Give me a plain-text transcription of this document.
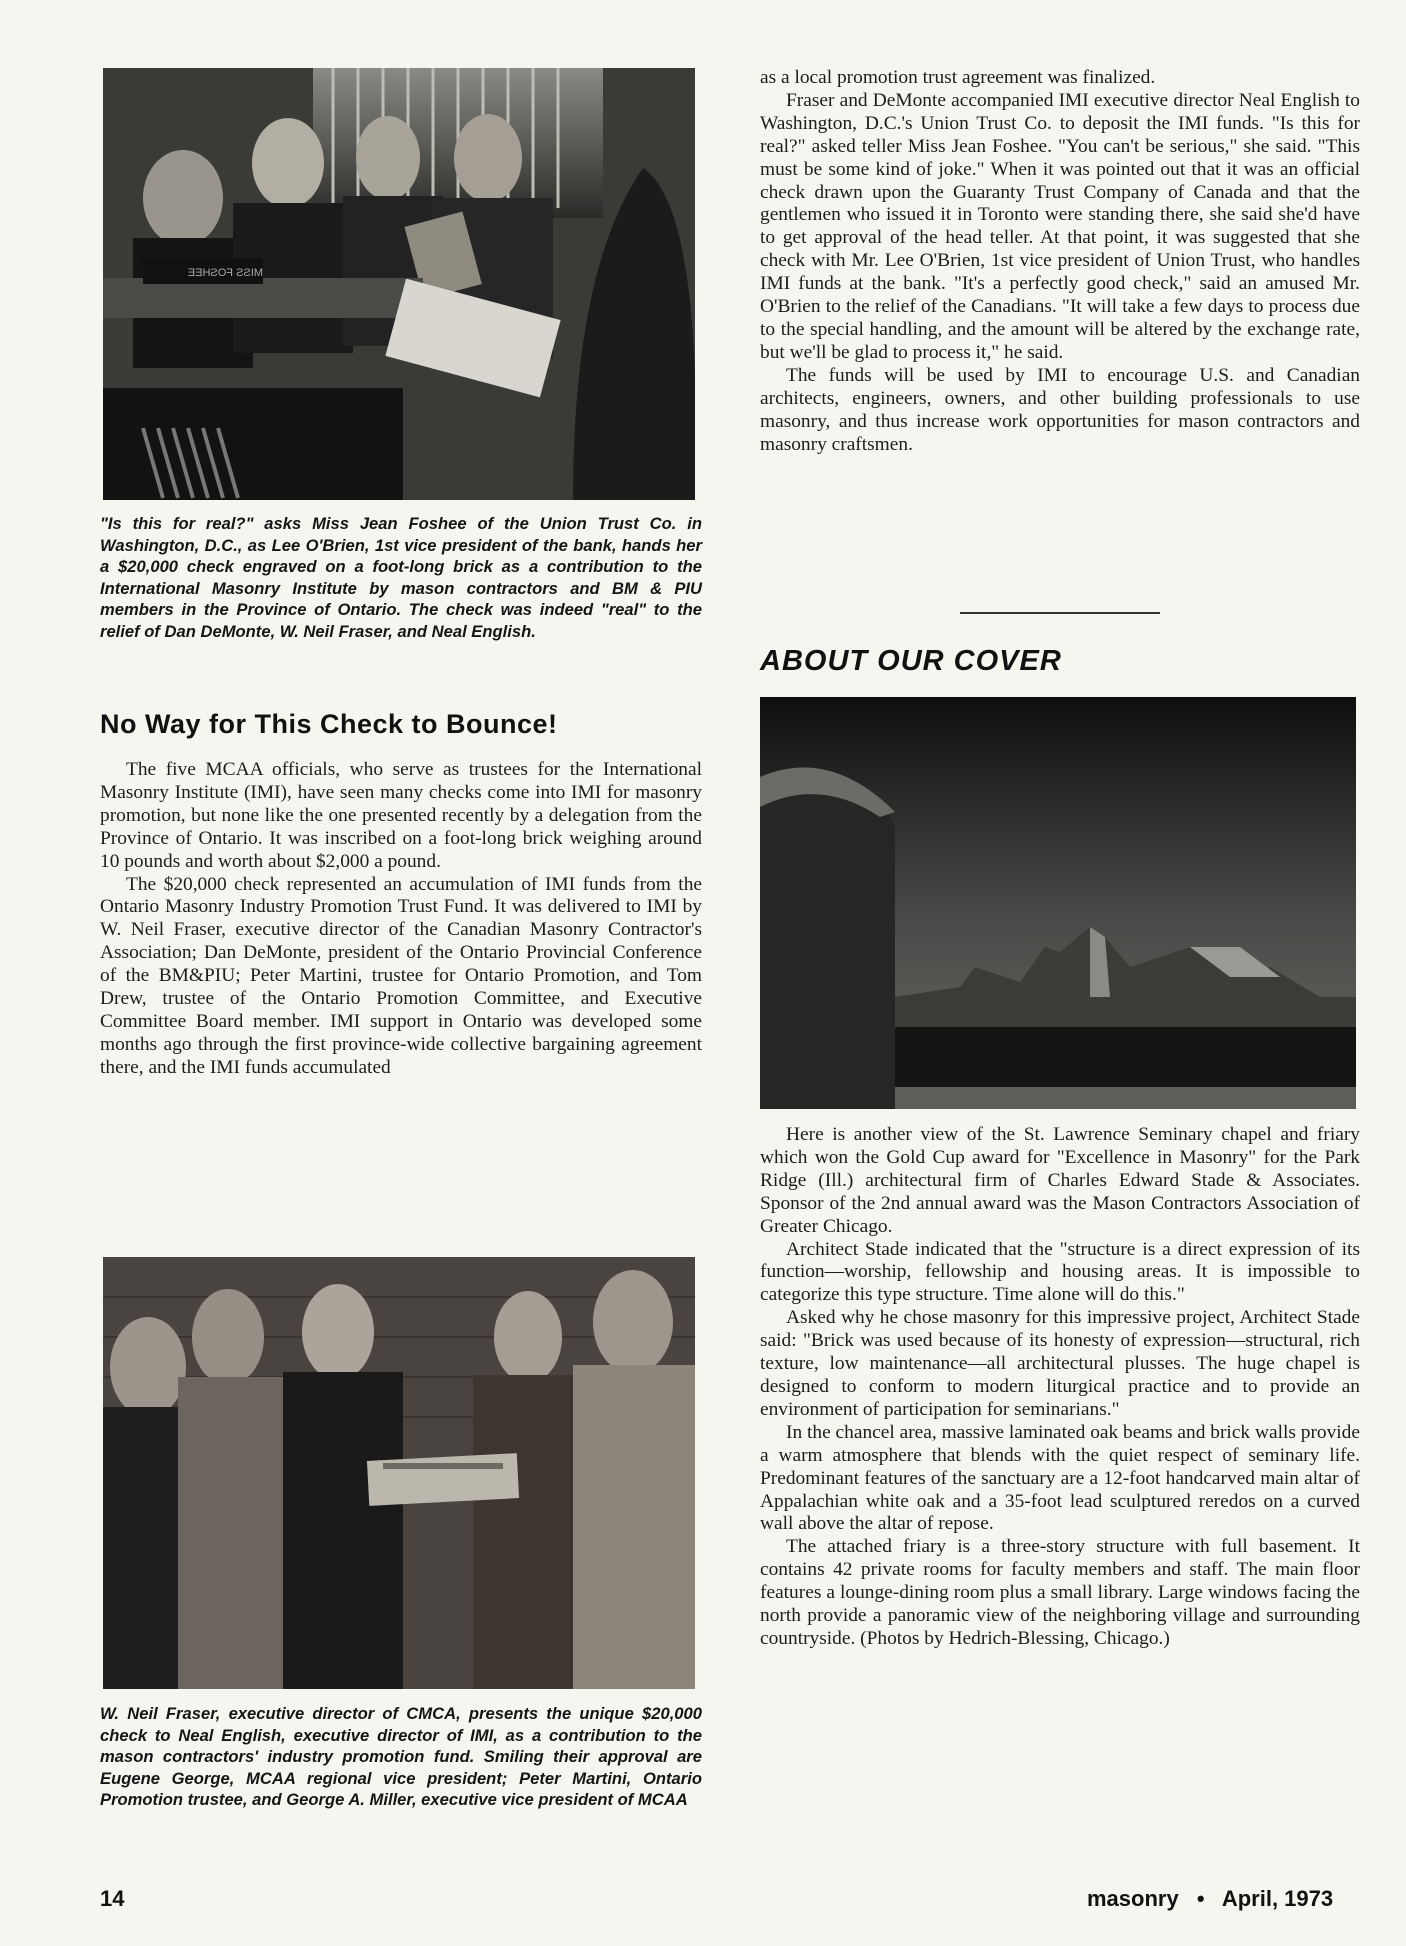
MISS FOSHEE
"Is this for real?" asks Miss Jean Foshee of the Union Trust Co. in Washington, D.C., as Lee O'Brien, 1st vice president of the bank, hands her a $20,000 check engraved on a foot-long brick as a contribution to the International Masonry Institute by mason contractors and BM & PIU members in the Province of Ontario. The check was indeed "real" to the relief of Dan DeMonte, W. Neil Fraser, and Neal English.
No Way for This Check to Bounce!

The five MCAA officials, who serve as trustees for the International Masonry Institute (IMI), have seen many checks come into IMI for masonry promotion, but none like the one presented recently by a delegation from the Province of Ontario. It was inscribed on a foot-long brick weighing around 10 pounds and worth about $2,000 a pound.

The $20,000 check represented an accumulation of IMI funds from the Ontario Masonry Industry Promotion Trust Fund. It was delivered to IMI by W. Neil Fraser, executive director of the Canadian Masonry Contractor's Association; Dan DeMonte, president of the Ontario Provincial Conference of the BM&PIU; Peter Martini, trustee for Ontario Promotion, and Tom Drew, trustee of the Ontario Promotion Committee, and Executive Committee Board member. IMI support in Ontario was developed some months ago through the first province-wide collective bargaining agreement there, and the IMI funds accumulated

W. Neil Fraser, executive director of CMCA, presents the unique $20,000 check to Neal English, executive director of IMI, as a contribution to the mason contractors' industry promotion fund. Smiling their approval are Eugene George, MCAA regional vice president; Peter Martini, Ontario Promotion trustee, and George A. Miller, executive vice president of MCAA

as a local promotion trust agreement was finalized.

Fraser and DeMonte accompanied IMI executive director Neal English to Washington, D.C.'s Union Trust Co. to deposit the IMI funds. "Is this for real?" asked teller Miss Jean Foshee. "You can't be serious," she said. "This must be some kind of joke." When it was pointed out that it was an official check drawn upon the Guaranty Trust Company of Canada and that the gentlemen who issued it in Toronto were standing there, she said she'd have to get approval of the head teller. At that point, it was suggested that she check with Mr. Lee O'Brien, 1st vice president of Union Trust, who handles IMI funds at the bank. "It's a perfectly good check," said an amused Mr. O'Brien to the relief of the Canadians. "It will take a few days to process due to the special handling, and the amount will be altered by the exchange rate, but we'll be glad to process it," he said.

The funds will be used by IMI to encourage U.S. and Canadian architects, engineers, owners, and other building professionals to use masonry, and thus increase work opportunities for mason contractors and masonry craftsmen.

ABOUT OUR COVER

Here is another view of the St. Lawrence Seminary chapel and friary which won the Gold Cup award for "Excellence in Masonry" for the Park Ridge (Ill.) architectural firm of Charles Edward Stade & Associates. Sponsor of the 2nd annual award was the Mason Contractors Association of Greater Chicago.

Architect Stade indicated that the "structure is a direct expression of its function—worship, fellowship and housing areas. It is impossible to categorize this type structure. Time alone will do this."

Asked why he chose masonry for this impressive project, Architect Stade said: "Brick was used because of its honesty of expression—structural, rich texture, low maintenance—all architectural plusses. The huge chapel is designed to conform to modern liturgical practice and to provide an environment of participation for seminarians."

In the chancel area, massive laminated oak beams and brick walls provide a warm atmosphere that blends with the quiet respect of seminary life. Predominant features of the sanctuary are a 12-foot handcarved main altar of Appalachian white oak and a 35-foot lead sculptured reredos on a curved wall above the altar of repose.

The attached friary is a three-story structure with full basement. It contains 42 private rooms for faculty members and staff. The main floor features a lounge-dining room plus a small library. Large windows facing the north provide a panoramic view of the neighboring village and surrounding countryside. (Photos by Hedrich-Blessing, Chicago.)

14	masonry • April, 1973
